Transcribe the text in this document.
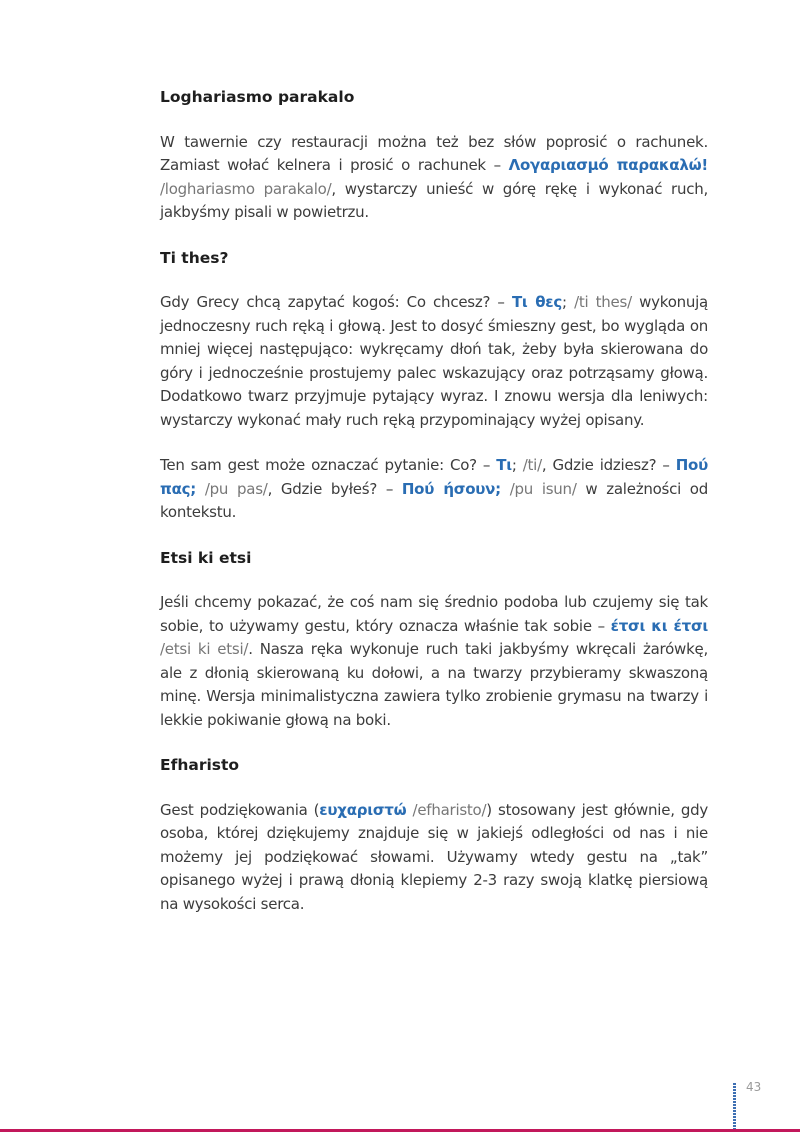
Loghariasmo parakalo

W tawernie czy restauracji można też bez słów poprosić o rachunek. Zamiast wołać kelnera i prosić o rachunek – Λογαριασμό παρακαλώ! /loghariasmo parakalo/, wystarczy unieść w górę rękę i wykonać ruch, jakbyśmy pisali w powietrzu.

Ti thes?

Gdy Grecy chcą zapytać kogoś: Co chcesz? – Τι θες; /ti thes/ wykonują jednoczesny ruch ręką i głową. Jest to dosyć śmieszny gest, bo wygląda on mniej więcej następująco: wykręcamy dłoń tak, żeby była skierowana do góry i jednocześnie prostujemy palec wskazujący oraz potrząsamy głową. Dodatkowo twarz przyjmuje pytający wyraz. I znowu wersja dla leniwych: wystarczy wykonać mały ruch ręką przypominający wyżej opisany.

Ten sam gest może oznaczać pytanie: Co? – Τι; /ti/, Gdzie idziesz? – Πού πας; /pu pas/, Gdzie byłeś? – Πού ήσουν; /pu isun/ w zależności od kontekstu.

Etsi ki etsi

Jeśli chcemy pokazać, że coś nam się średnio podoba lub czujemy się tak sobie, to używamy gestu, który oznacza właśnie tak sobie – έτσι κι έτσι /etsi ki etsi/. Nasza ręka wykonuje ruch taki jakbyśmy wkręcali żarówkę, ale z dłonią skierowaną ku dołowi, a na twarzy przybieramy skwaszoną minę. Wersja minimalistyczna zawiera tylko zrobienie grymasu na twarzy i lekkie pokiwanie głową na boki.

Efharisto

Gest podziękowania (ευχαριστώ /efharisto/) stosowany jest głównie, gdy osoba, której dziękujemy znajduje się w jakiejś odległości od nas i nie możemy jej podziękować słowami. Używamy wtedy gestu na „tak” opisanego wyżej i prawą dłonią klepiemy 2-3 razy swoją klatkę piersiową na wysokości serca.

43
